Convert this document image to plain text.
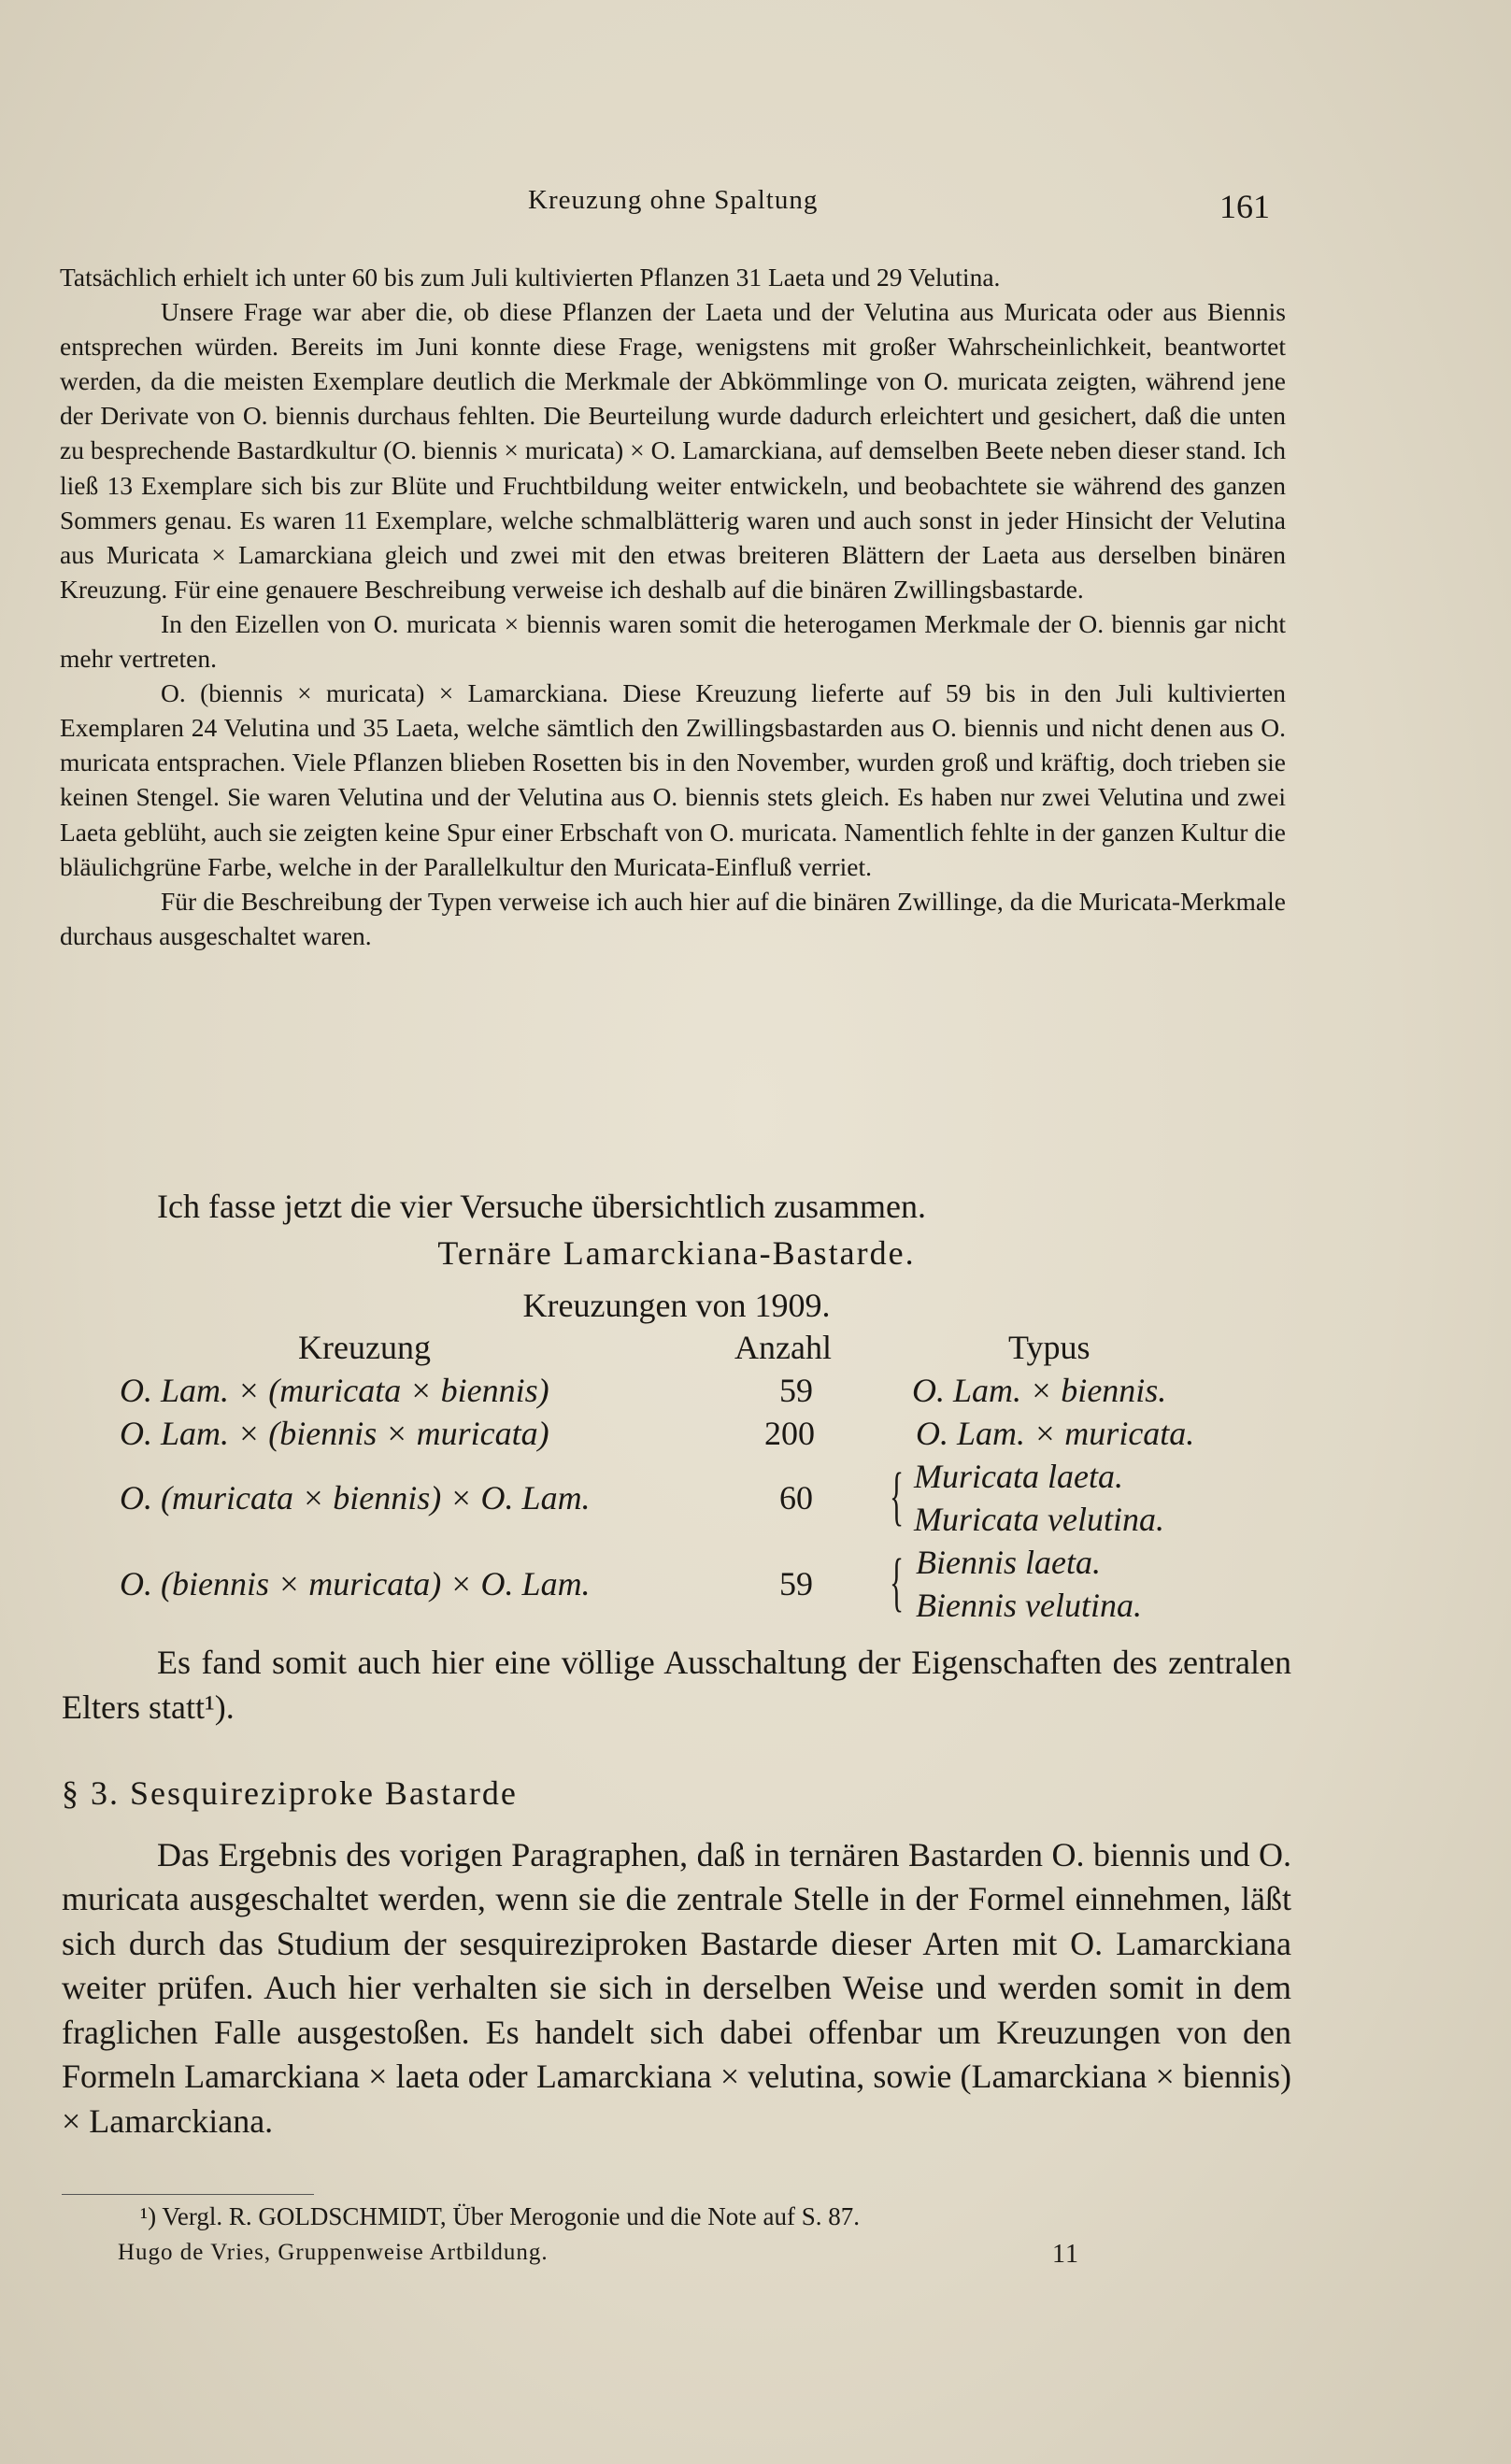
Kreuzung ohne Spaltung	161

Tatsächlich erhielt ich unter 60 bis zum Juli kultivierten Pflanzen 31 Laeta und 29 Velutina.

Unsere Frage war aber die, ob diese Pflanzen der Laeta und der Velutina aus Muricata oder aus Biennis entsprechen würden. Bereits im Juni konnte diese Frage, wenigstens mit großer Wahrscheinlichkeit, beantwortet werden, da die meisten Exemplare deutlich die Merkmale der Abkömmlinge von O. muricata zeigten, während jene der Derivate von O. biennis durchaus fehlten. Die Beurteilung wurde dadurch erleichtert und gesichert, daß die unten zu besprechende Bastardkultur (O. biennis × muricata) × O. Lamarckiana, auf demselben Beete neben dieser stand. Ich ließ 13 Exemplare sich bis zur Blüte und Fruchtbildung weiter entwickeln, und beobachtete sie während des ganzen Sommers genau. Es waren 11 Exemplare, welche schmalblätterig waren und auch sonst in jeder Hinsicht der Velutina aus Muricata × Lamarckiana gleich und zwei mit den etwas breiteren Blättern der Laeta aus derselben binären Kreuzung. Für eine genauere Beschreibung verweise ich deshalb auf die binären Zwillingsbastarde.

In den Eizellen von O. muricata × biennis waren somit die heterogamen Merkmale der O. biennis gar nicht mehr vertreten.

O. (biennis × muricata) × Lamarckiana. Diese Kreuzung lieferte auf 59 bis in den Juli kultivierten Exemplaren 24 Velutina und 35 Laeta, welche sämtlich den Zwillingsbastarden aus O. biennis und nicht denen aus O. muricata entsprachen. Viele Pflanzen blieben Rosetten bis in den November, wurden groß und kräftig, doch trieben sie keinen Stengel. Sie waren Velutina und der Velutina aus O. biennis stets gleich. Es haben nur zwei Velutina und zwei Laeta geblüht, auch sie zeigten keine Spur einer Erbschaft von O. muricata. Namentlich fehlte in der ganzen Kultur die bläulichgrüne Farbe, welche in der Parallelkultur den Muricata-Einfluß verriet.

Für die Beschreibung der Typen verweise ich auch hier auf die binären Zwillinge, da die Muricata-Merkmale durchaus ausgeschaltet waren.

Ich fasse jetzt die vier Versuche übersichtlich zusammen.

Ternäre Lamarckiana-Bastarde.
Kreuzungen von 1909.
Kreuzung	Anzahl	Typus
O. Lam. × (muricata × biennis)	59	O. Lam. × biennis.
O. Lam. × (biennis × muricata)	200	O. Lam. × muricata.
O. (muricata × biennis) × O. Lam.	60 { Muricata laeta.
Muricata velutina.
O. (biennis × muricata) × O. Lam.	59 { Biennis laeta.
Biennis velutina.

Es fand somit auch hier eine völlige Ausschaltung der Eigenschaften des zentralen Elters statt¹).

§ 3. Sesquireziproke Bastarde

Das Ergebnis des vorigen Paragraphen, daß in ternären Bastarden O. biennis und O. muricata ausgeschaltet werden, wenn sie die zentrale Stelle in der Formel einnehmen, läßt sich durch das Studium der sesquireziproken Bastarde dieser Arten mit O. Lamarckiana weiter prüfen. Auch hier verhalten sie sich in derselben Weise und werden somit in dem fraglichen Falle ausgestoßen. Es handelt sich dabei offenbar um Kreuzungen von den Formeln Lamarckiana × laeta oder Lamarckiana × velutina, sowie (Lamarckiana × biennis) × Lamarckiana.

¹) Vergl. R. GOLDSCHMIDT, Über Merogonie und die Note auf S. 87.

Hugo de Vries, Gruppenweise Artbildung.	11
